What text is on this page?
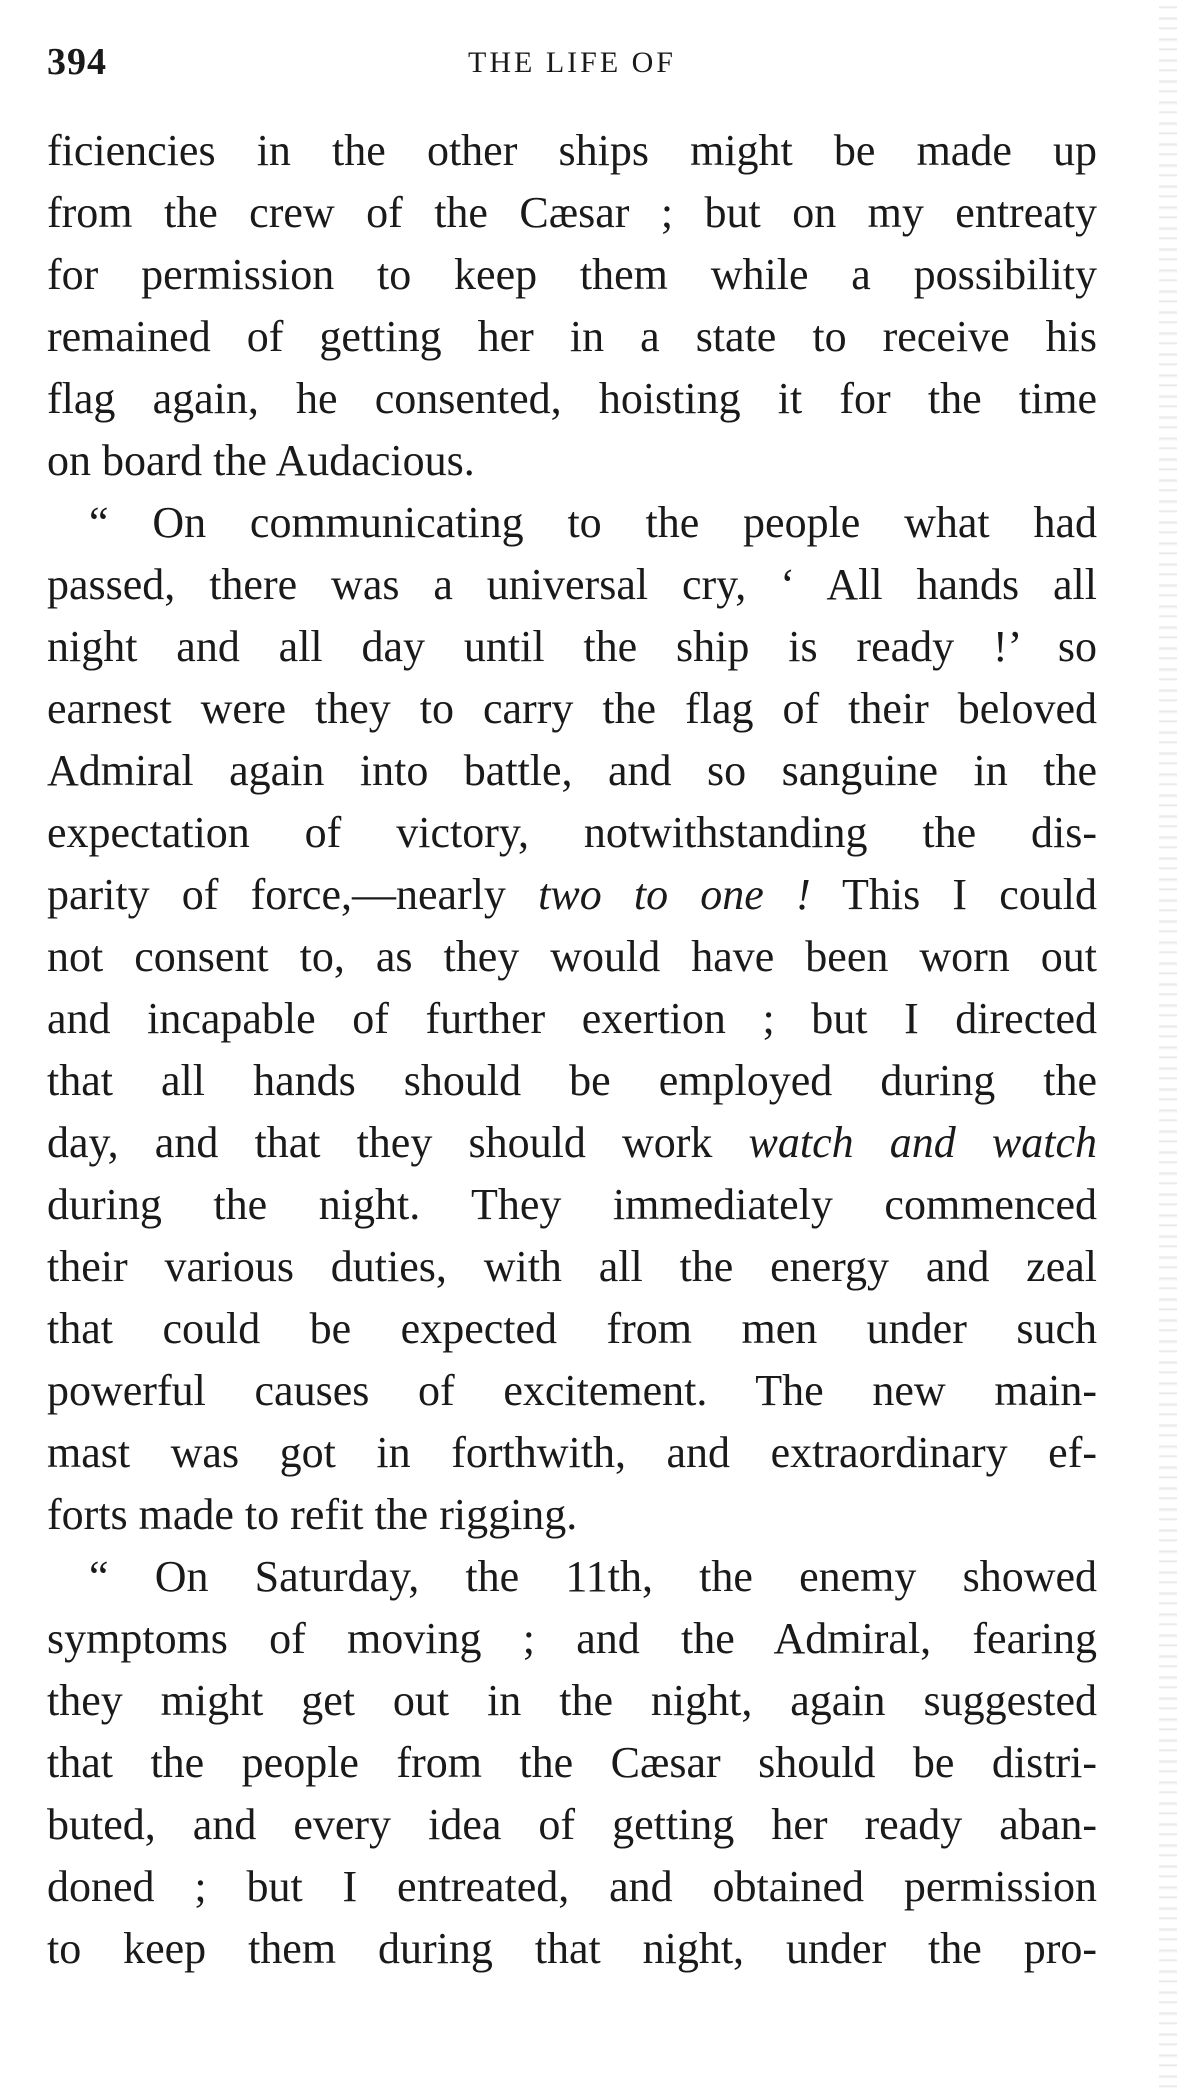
394	THE LIFE OF
ficiencies in the other ships might be made up
from the crew of the Cæsar ; but on my entreaty
for permission to keep them while a possibility
remained of getting her in a state to receive his
flag again, he consented, hoisting it for the time
on board the Audacious.
“ On communicating to the people what had
passed, there was a universal cry, ‘ All hands all
night and all day until the ship is ready !’ so
earnest were they to carry the flag of their beloved
Admiral again into battle, and so sanguine in the
expectation of victory, notwithstanding the dis-
parity of force,—nearly two to one ! This I could
not consent to, as they would have been worn out
and incapable of further exertion ; but I directed
that all hands should be employed during the
day, and that they should work watch and watch
during the night. They immediately commenced
their various duties, with all the energy and zeal
that could be expected from men under such
powerful causes of excitement. The new main-
mast was got in forthwith, and extraordinary ef-
forts made to refit the rigging.
“ On Saturday, the 11th, the enemy showed
symptoms of moving ; and the Admiral, fearing
they might get out in the night, again suggested
that the people from the Cæsar should be distri-
buted, and every idea of getting her ready aban-
doned ; but I entreated, and obtained permission
to keep them during that night, under the pro-
